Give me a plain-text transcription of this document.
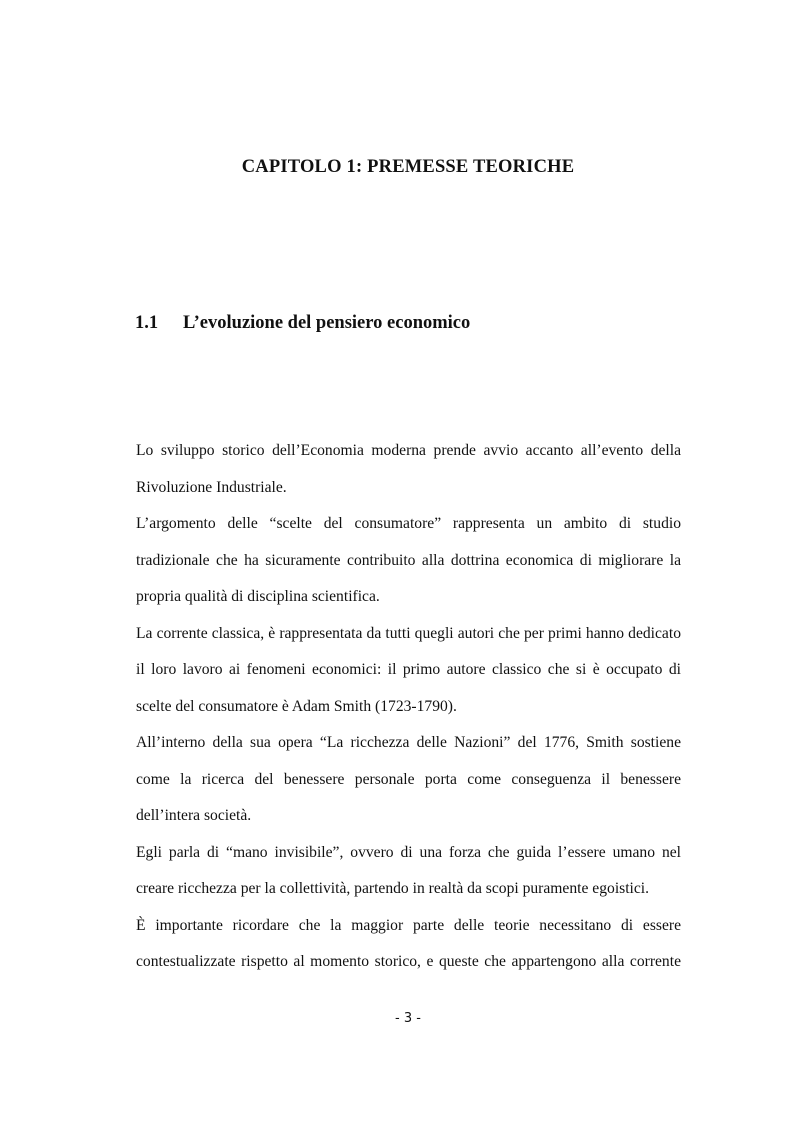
CAPITOLO 1: PREMESSE TEORICHE
1.1 L’evoluzione del pensiero economico

Lo sviluppo storico dell’Economia moderna prende avvio accanto all’evento della Rivoluzione Industriale.

L’argomento delle “scelte del consumatore” rappresenta un ambito di studio tradizionale che ha sicuramente contribuito alla dottrina economica di migliorare la propria qualità di disciplina scientifica.

La corrente classica, è rappresentata da tutti quegli autori che per primi hanno dedicato il loro lavoro ai fenomeni economici: il primo autore classico che si è occupato di scelte del consumatore è Adam Smith (1723-1790).

All’interno della sua opera “La ricchezza delle Nazioni” del 1776, Smith sostiene come la ricerca del benessere personale porta come conseguenza il benessere dell’intera società.

Egli parla di “mano invisibile”, ovvero di una forza che guida l’essere umano nel creare ricchezza per la collettività, partendo in realtà da scopi puramente egoistici.

È importante ricordare che la maggior parte delle teorie necessitano di essere contestualizzate rispetto al momento storico, e queste che appartengono alla corrente

- 3 -
